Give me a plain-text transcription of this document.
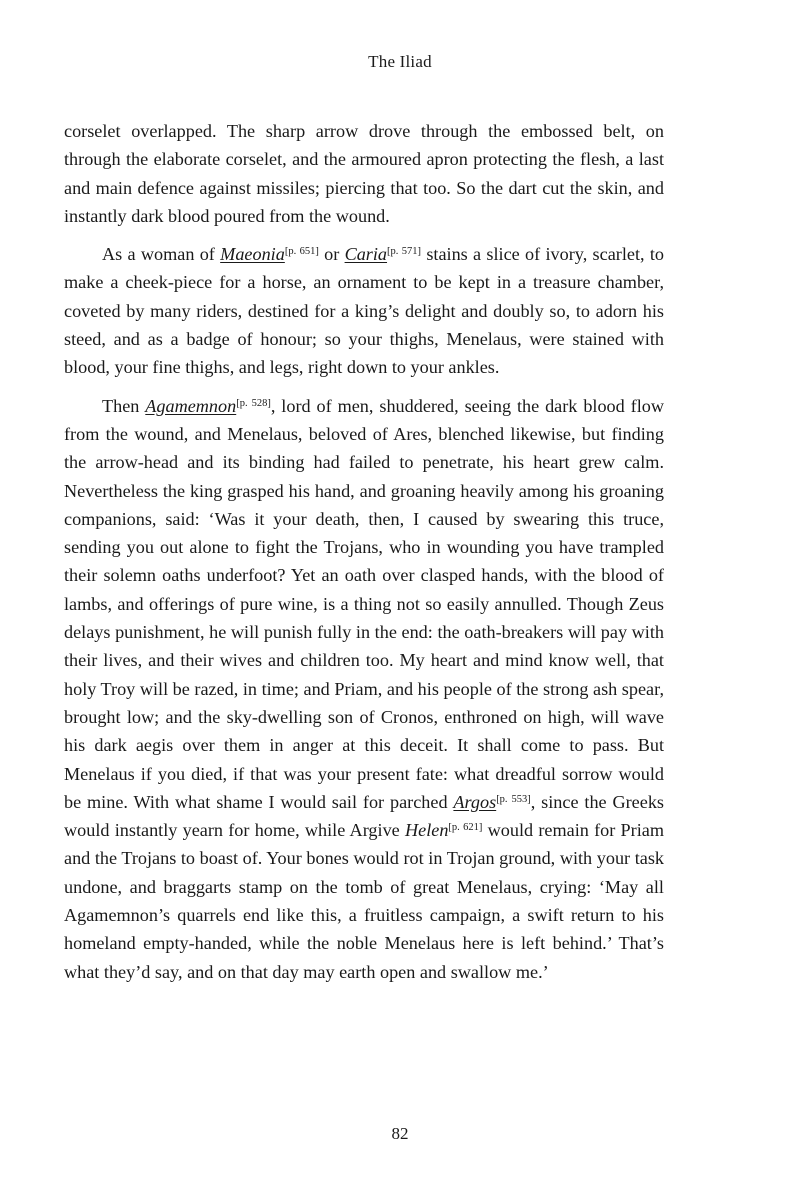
The Iliad

corselet overlapped. The sharp arrow drove through the embossed belt, on through the elaborate corselet, and the armoured apron protecting the flesh, a last and main defence against missiles; piercing that too. So the dart cut the skin, and instantly dark blood poured from the wound.

As a woman of Maeonia[p. 651] or Caria[p. 571] stains a slice of ivory, scarlet, to make a cheek-piece for a horse, an ornament to be kept in a treasure chamber, coveted by many riders, destined for a king’s delight and doubly so, to adorn his steed, and as a badge of honour; so your thighs, Menelaus, were stained with blood, your fine thighs, and legs, right down to your ankles.

Then Agamemnon[p. 528], lord of men, shuddered, seeing the dark blood flow from the wound, and Menelaus, beloved of Ares, blenched likewise, but finding the arrow-head and its binding had failed to penetrate, his heart grew calm. Nevertheless the king grasped his hand, and groaning heavily among his groaning companions, said: ‘Was it your death, then, I caused by swearing this truce, sending you out alone to fight the Trojans, who in wounding you have trampled their solemn oaths underfoot? Yet an oath over clasped hands, with the blood of lambs, and offerings of pure wine, is a thing not so easily annulled. Though Zeus delays punishment, he will punish fully in the end: the oath-breakers will pay with their lives, and their wives and children too. My heart and mind know well, that holy Troy will be razed, in time; and Priam, and his people of the strong ash spear, brought low; and the sky-dwelling son of Cronos, enthroned on high, will wave his dark aegis over them in anger at this deceit. It shall come to pass. But Menelaus if you died, if that was your present fate: what dreadful sorrow would be mine. With what shame I would sail for parched Argos[p. 553], since the Greeks would instantly yearn for home, while Argive Helen[p. 621] would remain for Priam and the Trojans to boast of. Your bones would rot in Trojan ground, with your task undone, and braggarts stamp on the tomb of great Menelaus, crying: ‘May all Agamemnon’s quarrels end like this, a fruitless campaign, a swift return to his homeland empty-handed, while the noble Menelaus here is left behind.’ That’s what they’d say, and on that day may earth open and swallow me.’

82
